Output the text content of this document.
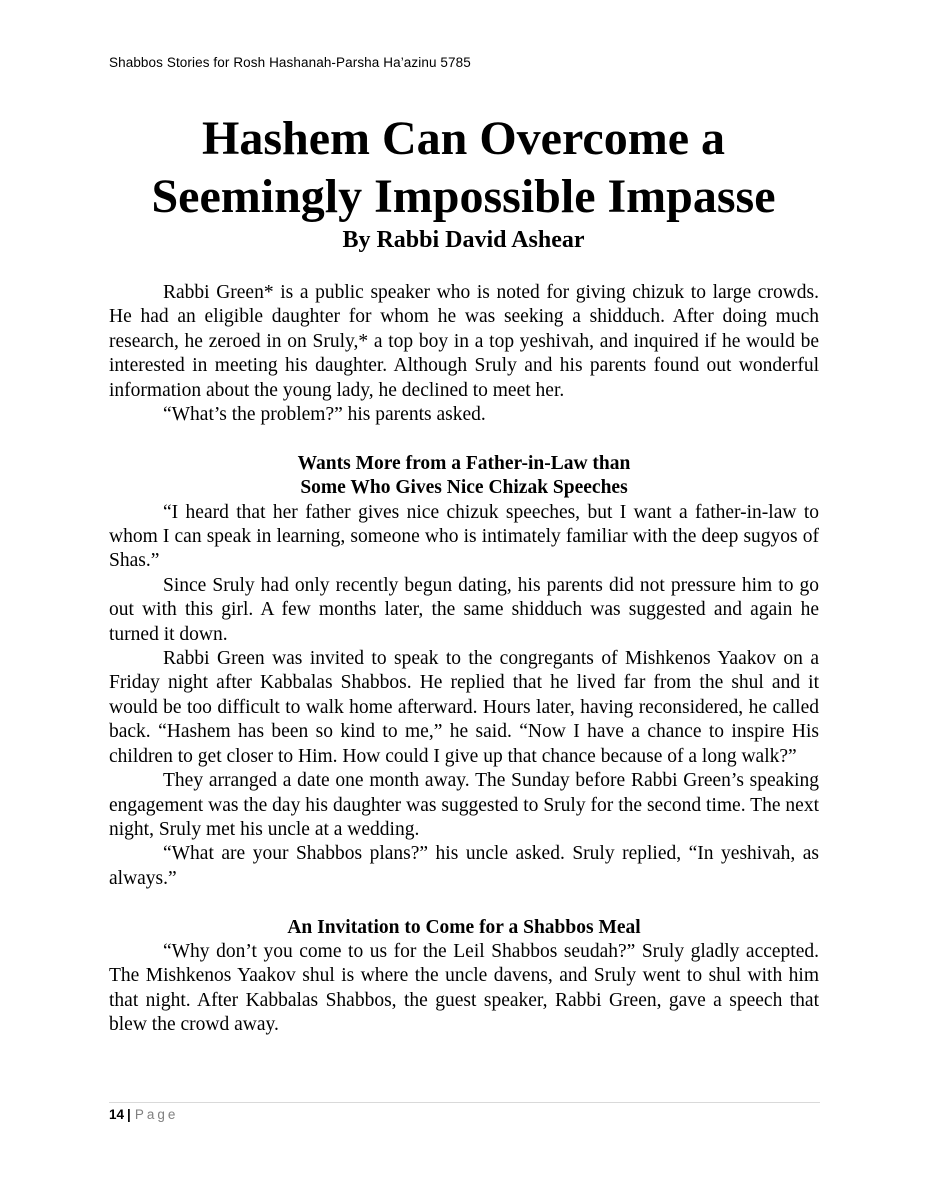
Shabbos Stories for Rosh Hashanah-Parsha Ha’azinu 5785
Hashem Can Overcome a
Seemingly Impossible Impasse
By Rabbi David Ashear

Rabbi Green* is a public speaker who is noted for giving chizuk to large crowds. He had an eligible daughter for whom he was seeking a shidduch. After doing much research, he zeroed in on Sruly,* a top boy in a top yeshivah, and inquired if he would be interested in meeting his daughter. Although Sruly and his parents found out wonderful information about the young lady, he declined to meet her.

“What’s the problem?” his parents asked.

Wants More from a Father-in-Law than
Some Who Gives Nice Chizak Speeches

“I heard that her father gives nice chizuk speeches, but I want a father-in-law to whom I can speak in learning, someone who is intimately familiar with the deep sugyos of Shas.”

Since Sruly had only recently begun dating, his parents did not pressure him to go out with this girl. A few months later, the same shidduch was suggested and again he turned it down.

Rabbi Green was invited to speak to the congregants of Mishkenos Yaakov on a Friday night after Kabbalas Shabbos. He replied that he lived far from the shul and it would be too difficult to walk home afterward. Hours later, having reconsidered, he called back. “Hashem has been so kind to me,” he said. “Now I have a chance to inspire His children to get closer to Him. How could I give up that chance because of a long walk?”

They arranged a date one month away. The Sunday before Rabbi Green’s speaking engagement was the day his daughter was suggested to Sruly for the second time. The next night, Sruly met his uncle at a wedding.

“What are your Shabbos plans?” his uncle asked. Sruly replied, “In yeshivah, as always.”

An Invitation to Come for a Shabbos Meal

“Why don’t you come to us for the Leil Shabbos seudah?” Sruly gladly accepted. The Mishkenos Yaakov shul is where the uncle davens, and Sruly went to shul with him that night. After Kabbalas Shabbos, the guest speaker, Rabbi Green, gave a speech that blew the crowd away.

14 | Page
